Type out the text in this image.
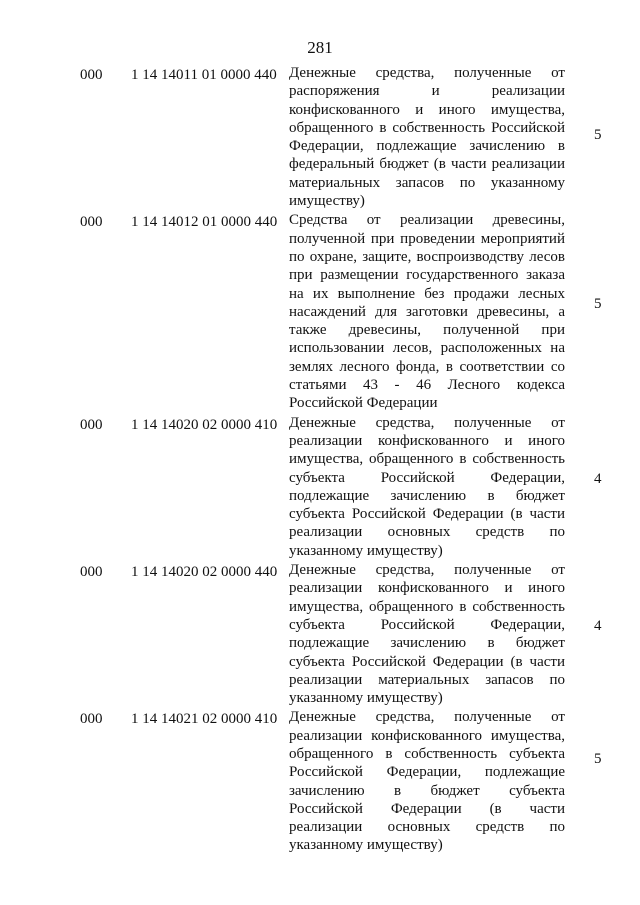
281
000 1 14 14011 01 0000 440 Денежные средства, полученные от распоряжения и реализации конфискованного и иного имущества, обращенного в собственность Российской Федерации, подлежащие зачислению в федеральный бюджет (в части реализации материальных запасов по указанному имуществу)
5
000 1 14 14012 01 0000 440 Средства от реализации древесины, полученной при проведении мероприятий по охране, защите, воспроизводству лесов при размещении государственного заказа на их выполнение без продажи лесных насаждений для заготовки древесины, а также древесины, полученной при использовании лесов, расположенных на землях лесного фонда, в соответствии со статьями 43 - 46 Лесного кодекса Российской Федерации
5
000 1 14 14020 02 0000 410 Денежные средства, полученные от реализации конфискованного и иного имущества, обращенного в собственность субъекта Российской Федерации, подлежащие зачислению в бюджет субъекта Российской Федерации (в части реализации основных средств по указанному имуществу)
4
000 1 14 14020 02 0000 440 Денежные средства, полученные от реализации конфискованного и иного имущества, обращенного в собственность субъекта Российской Федерации, подлежащие зачислению в бюджет субъекта Российской Федерации (в части реализации материальных запасов по указанному имуществу)
4
000 1 14 14021 02 0000 410 Денежные средства, полученные от реализации конфискованного имущества, обращенного в собственность субъекта Российской Федерации, подлежащие зачислению в бюджет субъекта Российской Федерации (в части реализации основных средств по указанному имуществу)
5
